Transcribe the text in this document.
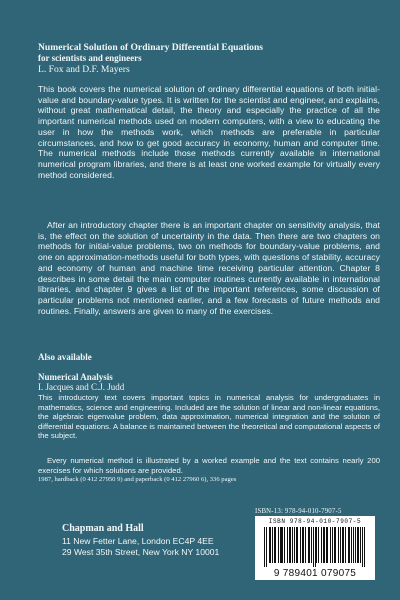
Numerical Solution of Ordinary Differential Equations
for scientists and engineers
L. Fox and D.F. Mayers
This book covers the numerical solution of ordinary differential equations of both initial-value and boundary-value types. It is written for the scientist and engineer, and explains, without great mathematical detail, the theory and especially the practice of all the important numerical methods used on modern computers, with a view to educating the user in how the methods work, which methods are preferable in particular circumstances, and how to get good accuracy in economy, human and computer time. The numerical methods include those methods currently available in international numerical program libraries, and there is at least one worked example for virtually every method considered.
After an introductory chapter there is an important chapter on sensitivity analysis, that is, the effect on the solution of uncertainty in the data. Then there are two chapters on methods for initial-value problems, two on methods for boundary-value problems, and one on approximation-methods useful for both types, with questions of stability, accuracy and economy of human and machine time receiving particular attention. Chapter 8 describes in some detail the main computer routines currently available in international libraries, and chapter 9 gives a list of the important references, some discussion of particular problems not mentioned earlier, and a few forecasts of future methods and routines. Finally, answers are given to many of the exercises.
Also available
Numerical Analysis
I. Jacques and C.J. Judd
This introductory text covers important topics in numerical analysis for undergraduates in mathematics, science and engineering. Included are the solution of linear and non-linear equations, the algebraic eigenvalue problem, data approximation, numerical integration and the solution of differential equations. A balance is maintained between the theoretical and computational aspects of the subject.
Every numerical method is illustrated by a worked example and the text contains nearly 200 exercises for which solutions are provided.
1987, hardback (0 412 27950 9) and paperback (0 412 27960 6), 336 pages
ISBN-13: 978-94-010-7907-5
Chapman and Hall
11 New Fetter Lane, London EC4P 4EE
29 West 35th Street, New York NY 10001
ISBN 978-94-010-7907-5
9 789401 079075
